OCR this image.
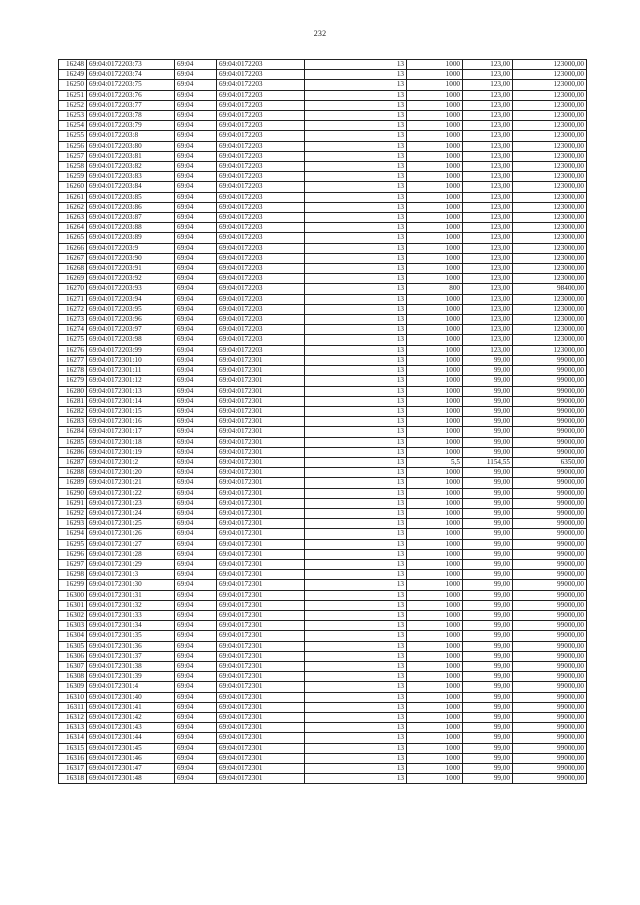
232
16248	69:04:0172203:73	69:04	69:04:0172203	13	1000	123,00	123000,00
16249	69:04:0172203:74	69:04	69:04:0172203	13	1000	123,00	123000,00
16250	69:04:0172203:75	69:04	69:04:0172203	13	1000	123,00	123000,00
16251	69:04:0172203:76	69:04	69:04:0172203	13	1000	123,00	123000,00
16252	69:04:0172203:77	69:04	69:04:0172203	13	1000	123,00	123000,00
16253	69:04:0172203:78	69:04	69:04:0172203	13	1000	123,00	123000,00
16254	69:04:0172203:79	69:04	69:04:0172203	13	1000	123,00	123000,00
16255	69:04:0172203:8	69:04	69:04:0172203	13	1000	123,00	123000,00
16256	69:04:0172203:80	69:04	69:04:0172203	13	1000	123,00	123000,00
16257	69:04:0172203:81	69:04	69:04:0172203	13	1000	123,00	123000,00
16258	69:04:0172203:82	69:04	69:04:0172203	13	1000	123,00	123000,00
16259	69:04:0172203:83	69:04	69:04:0172203	13	1000	123,00	123000,00
16260	69:04:0172203:84	69:04	69:04:0172203	13	1000	123,00	123000,00
16261	69:04:0172203:85	69:04	69:04:0172203	13	1000	123,00	123000,00
16262	69:04:0172203:86	69:04	69:04:0172203	13	1000	123,00	123000,00
16263	69:04:0172203:87	69:04	69:04:0172203	13	1000	123,00	123000,00
16264	69:04:0172203:88	69:04	69:04:0172203	13	1000	123,00	123000,00
16265	69:04:0172203:89	69:04	69:04:0172203	13	1000	123,00	123000,00
16266	69:04:0172203:9	69:04	69:04:0172203	13	1000	123,00	123000,00
16267	69:04:0172203:90	69:04	69:04:0172203	13	1000	123,00	123000,00
16268	69:04:0172203:91	69:04	69:04:0172203	13	1000	123,00	123000,00
16269	69:04:0172203:92	69:04	69:04:0172203	13	1000	123,00	123000,00
16270	69:04:0172203:93	69:04	69:04:0172203	13	800	123,00	98400,00
16271	69:04:0172203:94	69:04	69:04:0172203	13	1000	123,00	123000,00
16272	69:04:0172203:95	69:04	69:04:0172203	13	1000	123,00	123000,00
16273	69:04:0172203:96	69:04	69:04:0172203	13	1000	123,00	123000,00
16274	69:04:0172203:97	69:04	69:04:0172203	13	1000	123,00	123000,00
16275	69:04:0172203:98	69:04	69:04:0172203	13	1000	123,00	123000,00
16276	69:04:0172203:99	69:04	69:04:0172203	13	1000	123,00	123000,00
16277	69:04:0172301:10	69:04	69:04:0172301	13	1000	99,00	99000,00
16278	69:04:0172301:11	69:04	69:04:0172301	13	1000	99,00	99000,00
16279	69:04:0172301:12	69:04	69:04:0172301	13	1000	99,00	99000,00
16280	69:04:0172301:13	69:04	69:04:0172301	13	1000	99,00	99000,00
16281	69:04:0172301:14	69:04	69:04:0172301	13	1000	99,00	99000,00
16282	69:04:0172301:15	69:04	69:04:0172301	13	1000	99,00	99000,00
16283	69:04:0172301:16	69:04	69:04:0172301	13	1000	99,00	99000,00
16284	69:04:0172301:17	69:04	69:04:0172301	13	1000	99,00	99000,00
16285	69:04:0172301:18	69:04	69:04:0172301	13	1000	99,00	99000,00
16286	69:04:0172301:19	69:04	69:04:0172301	13	1000	99,00	99000,00
16287	69:04:0172301:2	69:04	69:04:0172301	13	5,5	1154,55	6350,00
16288	69:04:0172301:20	69:04	69:04:0172301	13	1000	99,00	99000,00
16289	69:04:0172301:21	69:04	69:04:0172301	13	1000	99,00	99000,00
16290	69:04:0172301:22	69:04	69:04:0172301	13	1000	99,00	99000,00
16291	69:04:0172301:23	69:04	69:04:0172301	13	1000	99,00	99000,00
16292	69:04:0172301:24	69:04	69:04:0172301	13	1000	99,00	99000,00
16293	69:04:0172301:25	69:04	69:04:0172301	13	1000	99,00	99000,00
16294	69:04:0172301:26	69:04	69:04:0172301	13	1000	99,00	99000,00
16295	69:04:0172301:27	69:04	69:04:0172301	13	1000	99,00	99000,00
16296	69:04:0172301:28	69:04	69:04:0172301	13	1000	99,00	99000,00
16297	69:04:0172301:29	69:04	69:04:0172301	13	1000	99,00	99000,00
16298	69:04:0172301:3	69:04	69:04:0172301	13	1000	99,00	99000,00
16299	69:04:0172301:30	69:04	69:04:0172301	13	1000	99,00	99000,00
16300	69:04:0172301:31	69:04	69:04:0172301	13	1000	99,00	99000,00
16301	69:04:0172301:32	69:04	69:04:0172301	13	1000	99,00	99000,00
16302	69:04:0172301:33	69:04	69:04:0172301	13	1000	99,00	99000,00
16303	69:04:0172301:34	69:04	69:04:0172301	13	1000	99,00	99000,00
16304	69:04:0172301:35	69:04	69:04:0172301	13	1000	99,00	99000,00
16305	69:04:0172301:36	69:04	69:04:0172301	13	1000	99,00	99000,00
16306	69:04:0172301:37	69:04	69:04:0172301	13	1000	99,00	99000,00
16307	69:04:0172301:38	69:04	69:04:0172301	13	1000	99,00	99000,00
16308	69:04:0172301:39	69:04	69:04:0172301	13	1000	99,00	99000,00
16309	69:04:0172301:4	69:04	69:04:0172301	13	1000	99,00	99000,00
16310	69:04:0172301:40	69:04	69:04:0172301	13	1000	99,00	99000,00
16311	69:04:0172301:41	69:04	69:04:0172301	13	1000	99,00	99000,00
16312	69:04:0172301:42	69:04	69:04:0172301	13	1000	99,00	99000,00
16313	69:04:0172301:43	69:04	69:04:0172301	13	1000	99,00	99000,00
16314	69:04:0172301:44	69:04	69:04:0172301	13	1000	99,00	99000,00
16315	69:04:0172301:45	69:04	69:04:0172301	13	1000	99,00	99000,00
16316	69:04:0172301:46	69:04	69:04:0172301	13	1000	99,00	99000,00
16317	69:04:0172301:47	69:04	69:04:0172301	13	1000	99,00	99000,00
16318	69:04:0172301:48	69:04	69:04:0172301	13	1000	99,00	99000,00
